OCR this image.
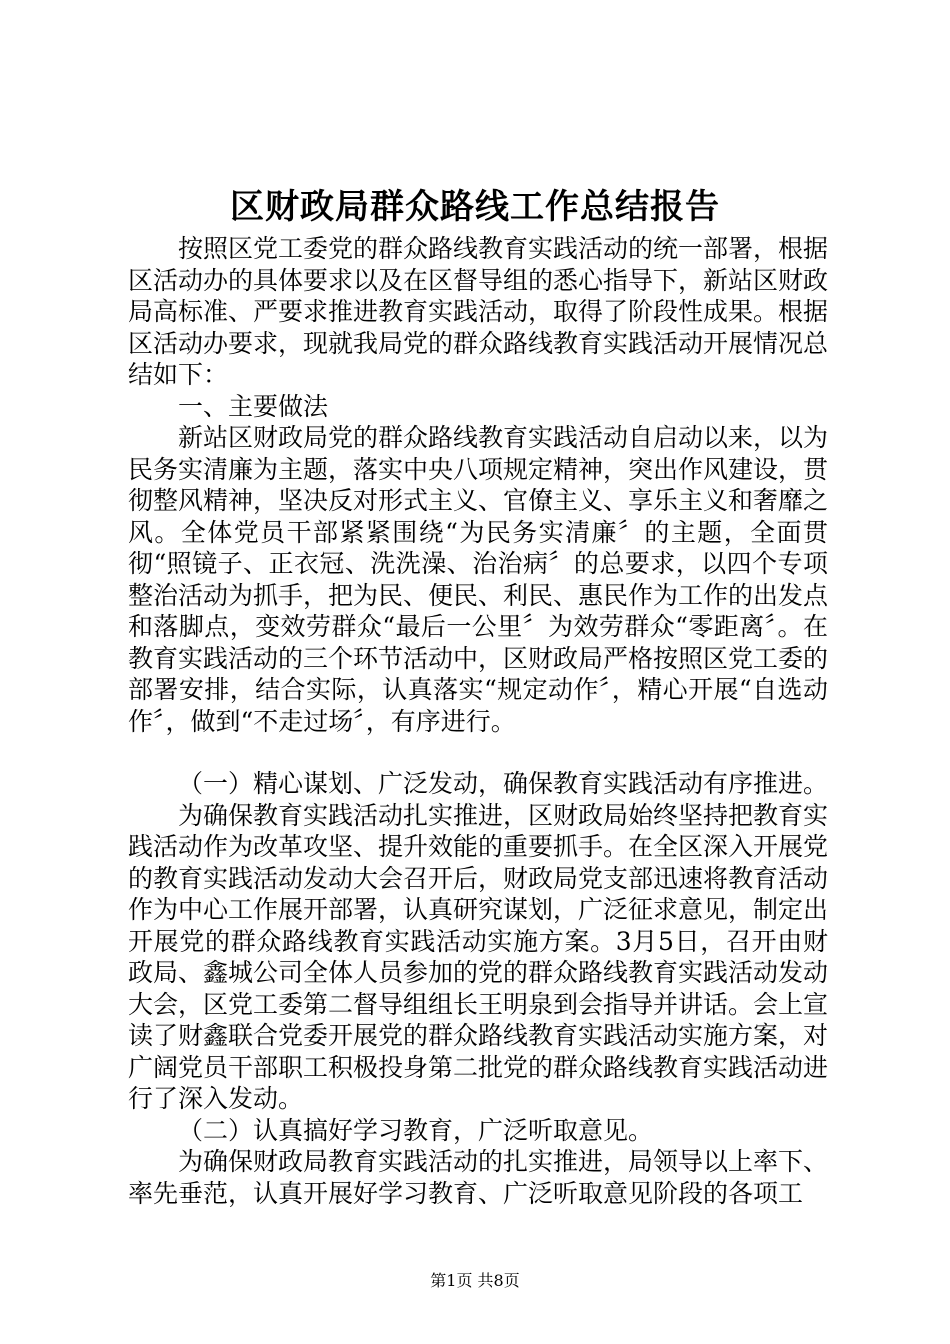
区财政局群众路线工作总结报告

按照区党工委党的群众路线教育实践活动的统一部署，根据区活动办的具体要求以及在区督导组的悉心指导下，新站区财政局高标准、严要求推进教育实践活动，取得了阶段性成果。根据区活动办要求，现就我局党的群众路线教育实践活动开展情况总结如下：

一、主要做法

新站区财政局党的群众路线教育实践活动自启动以来，以为民务实清廉为主题，落实中央八项规定精神，突出作风建设，贯彻整风精神，坚决反对形式主义、官僚主义、享乐主义和奢靡之风。全体党员干部紧紧围绕“为民务实清廉〞的主题，全面贯彻“照镜子、正衣冠、洗洗澡、治治病〞的总要求，以四个专项整治活动为抓手，把为民、便民、利民、惠民作为工作的出发点和落脚点，变效劳群众“最后一公里〞为效劳群众“零距离〞。在教育实践活动的三个环节活动中，区财政局严格按照区党工委的部署安排，结合实际，认真落实“规定动作〞，精心开展“自选动作〞，做到“不走过场〞，有序进行。

（一）精心谋划、广泛发动，确保教育实践活动有序推进。

为确保教育实践活动扎实推进，区财政局始终坚持把教育实践活动作为改革攻坚、提升效能的重要抓手。在全区深入开展党的教育实践活动发动大会召开后，财政局党支部迅速将教育活动作为中心工作展开部署，认真研究谋划，广泛征求意见，制定出开展党的群众路线教育实践活动实施方案。3月5日，召开由财政局、鑫城公司全体人员参加的党的群众路线教育实践活动发动大会，区党工委第二督导组组长王明泉到会指导并讲话。会上宣读了财鑫联合党委开展党的群众路线教育实践活动实施方案，对广阔党员干部职工积极投身第二批党的群众路线教育实践活动进行了深入发动。

（二）认真搞好学习教育，广泛听取意见。

为确保财政局教育实践活动的扎实推进，局领导以上率下、率先垂范，认真开展好学习教育、广泛听取意见阶段的各项工

第1页 共8页
